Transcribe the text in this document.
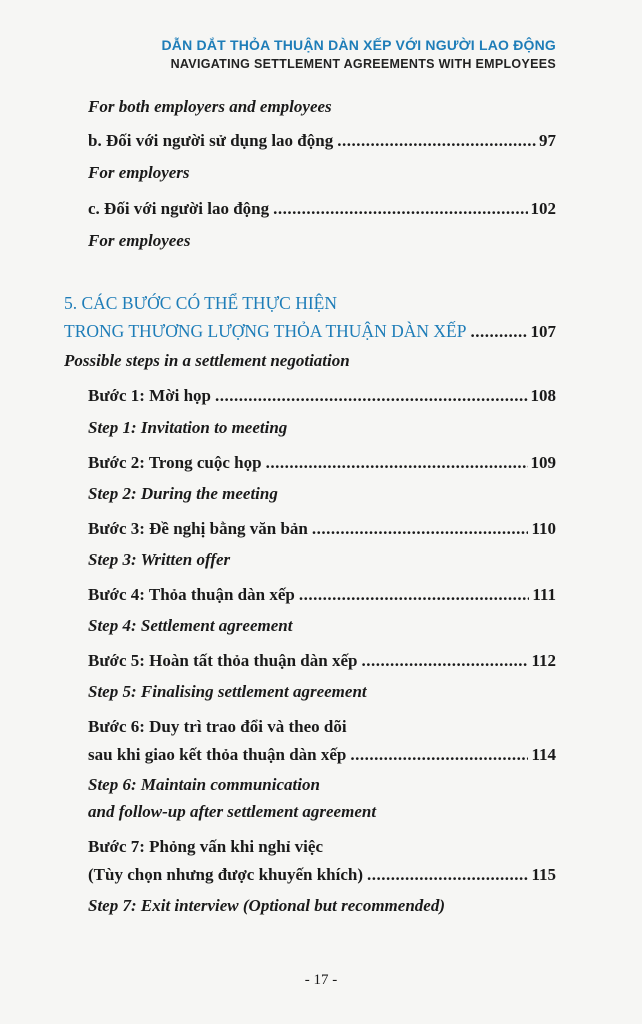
DẪN DẮT THỎA THUẬN DÀN XẾP VỚI NGƯỜI LAO ĐỘNG
NAVIGATING SETTLEMENT AGREEMENTS WITH EMPLOYEES
For both employers and employees
b. Đối với người sử dụng lao động .....	97
For employers
c. Đối với người lao động .....	102
For employees
5. CÁC BƯỚC CÓ THỂ THỰC HIỆN
TRONG THƯƠNG LƯỢNG THỎA THUẬN DÀN XẾP .....	107
Possible steps in a settlement negotiation
Bước 1: Mời họp .....	108
Step 1: Invitation to meeting
Bước 2: Trong cuộc họp .....	109
Step 2: During the meeting
Bước 3: Đề nghị bằng văn bản .....	110
Step 3: Written offer
Bước 4: Thỏa thuận dàn xếp .....	111
Step 4: Settlement agreement
Bước 5: Hoàn tất thỏa thuận dàn xếp .....	112
Step 5: Finalising settlement agreement
Bước 6: Duy trì trao đổi và theo dõi
sau khi giao kết thỏa thuận dàn xếp .....	114
Step 6: Maintain communication
and follow-up after settlement agreement
Bước 7: Phỏng vấn khi nghỉ việc
(Tùy chọn nhưng được khuyến khích) .....	115
Step 7: Exit interview (Optional but recommended)
- 17 -
